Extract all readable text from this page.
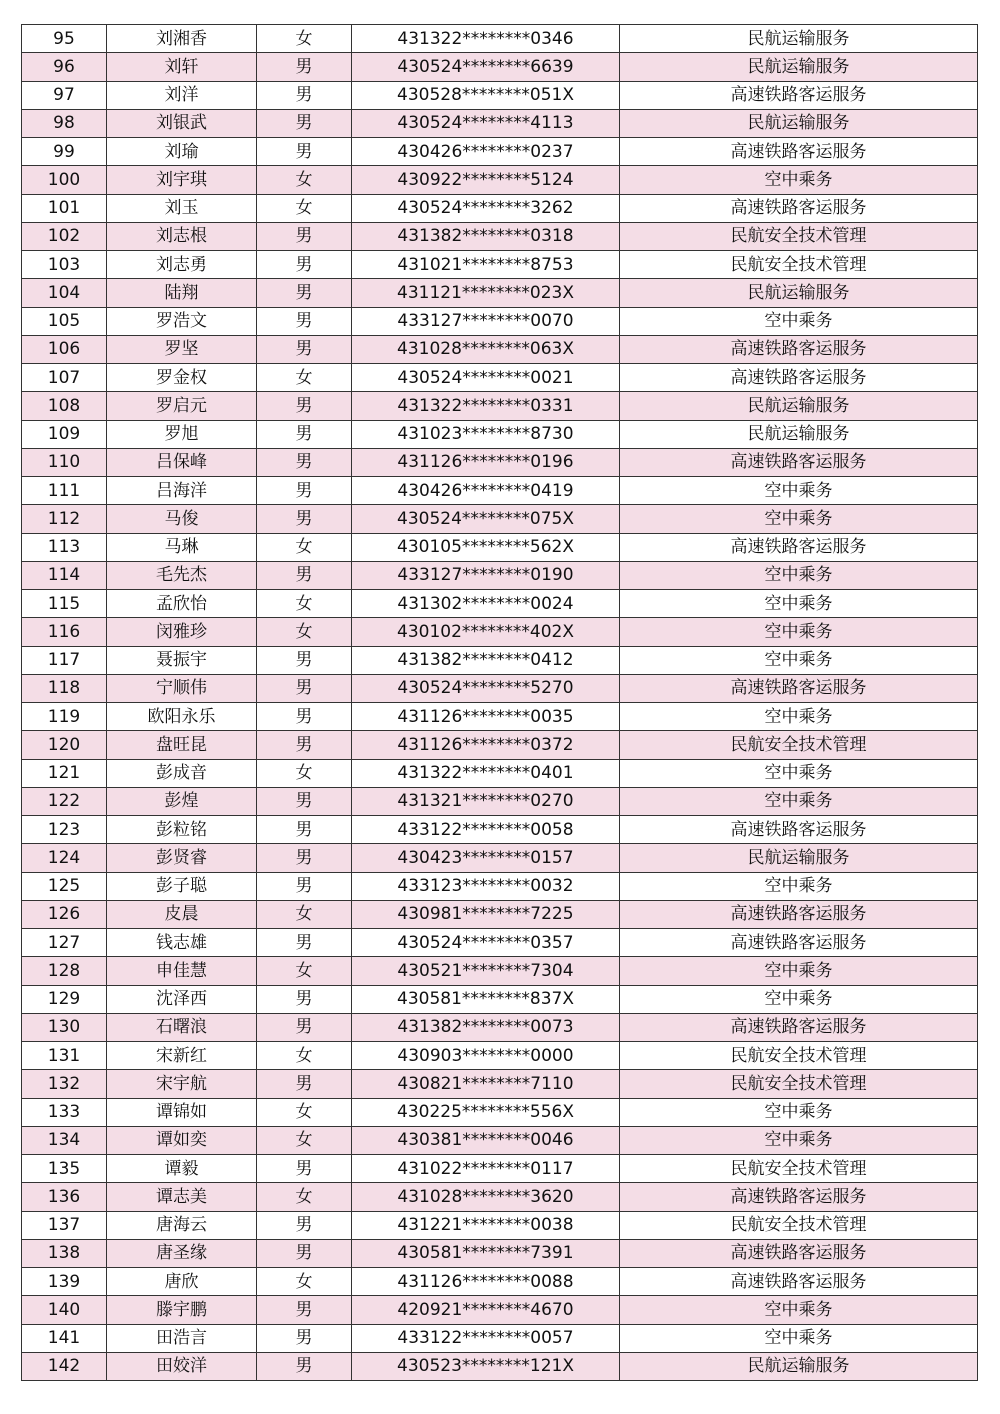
95	刘湘香	女	431322********0346	民航运输服务
96	刘轩	男	430524********6639	民航运输服务
97	刘洋	男	430528********051X	高速铁路客运服务
98	刘银武	男	430524********4113	民航运输服务
99	刘瑜	男	430426********0237	高速铁路客运服务
100	刘宇琪	女	430922********5124	空中乘务
101	刘玉	女	430524********3262	高速铁路客运服务
102	刘志根	男	431382********0318	民航安全技术管理
103	刘志勇	男	431021********8753	民航安全技术管理
104	陆翔	男	431121********023X	民航运输服务
105	罗浩文	男	433127********0070	空中乘务
106	罗坚	男	431028********063X	高速铁路客运服务
107	罗金权	女	430524********0021	高速铁路客运服务
108	罗启元	男	431322********0331	民航运输服务
109	罗旭	男	431023********8730	民航运输服务
110	吕保峰	男	431126********0196	高速铁路客运服务
111	吕海洋	男	430426********0419	空中乘务
112	马俊	男	430524********075X	空中乘务
113	马琳	女	430105********562X	高速铁路客运服务
114	毛先杰	男	433127********0190	空中乘务
115	孟欣怡	女	431302********0024	空中乘务
116	闵雅珍	女	430102********402X	空中乘务
117	聂振宇	男	431382********0412	空中乘务
118	宁顺伟	男	430524********5270	高速铁路客运服务
119	欧阳永乐	男	431126********0035	空中乘务
120	盘旺昆	男	431126********0372	民航安全技术管理
121	彭成音	女	431322********0401	空中乘务
122	彭煌	男	431321********0270	空中乘务
123	彭粒铭	男	433122********0058	高速铁路客运服务
124	彭贤睿	男	430423********0157	民航运输服务
125	彭子聪	男	433123********0032	空中乘务
126	皮晨	女	430981********7225	高速铁路客运服务
127	钱志雄	男	430524********0357	高速铁路客运服务
128	申佳慧	女	430521********7304	空中乘务
129	沈泽西	男	430581********837X	空中乘务
130	石曙浪	男	431382********0073	高速铁路客运服务
131	宋新红	女	430903********0000	民航安全技术管理
132	宋宇航	男	430821********7110	民航安全技术管理
133	谭锦如	女	430225********556X	空中乘务
134	谭如奕	女	430381********0046	空中乘务
135	谭毅	男	431022********0117	民航安全技术管理
136	谭志美	女	431028********3620	高速铁路客运服务
137	唐海云	男	431221********0038	民航安全技术管理
138	唐圣缘	男	430581********7391	高速铁路客运服务
139	唐欣	女	431126********0088	高速铁路客运服务
140	滕宇鹏	男	420921********4670	空中乘务
141	田浩言	男	433122********0057	空中乘务
142	田姣洋	男	430523********121X	民航运输服务
